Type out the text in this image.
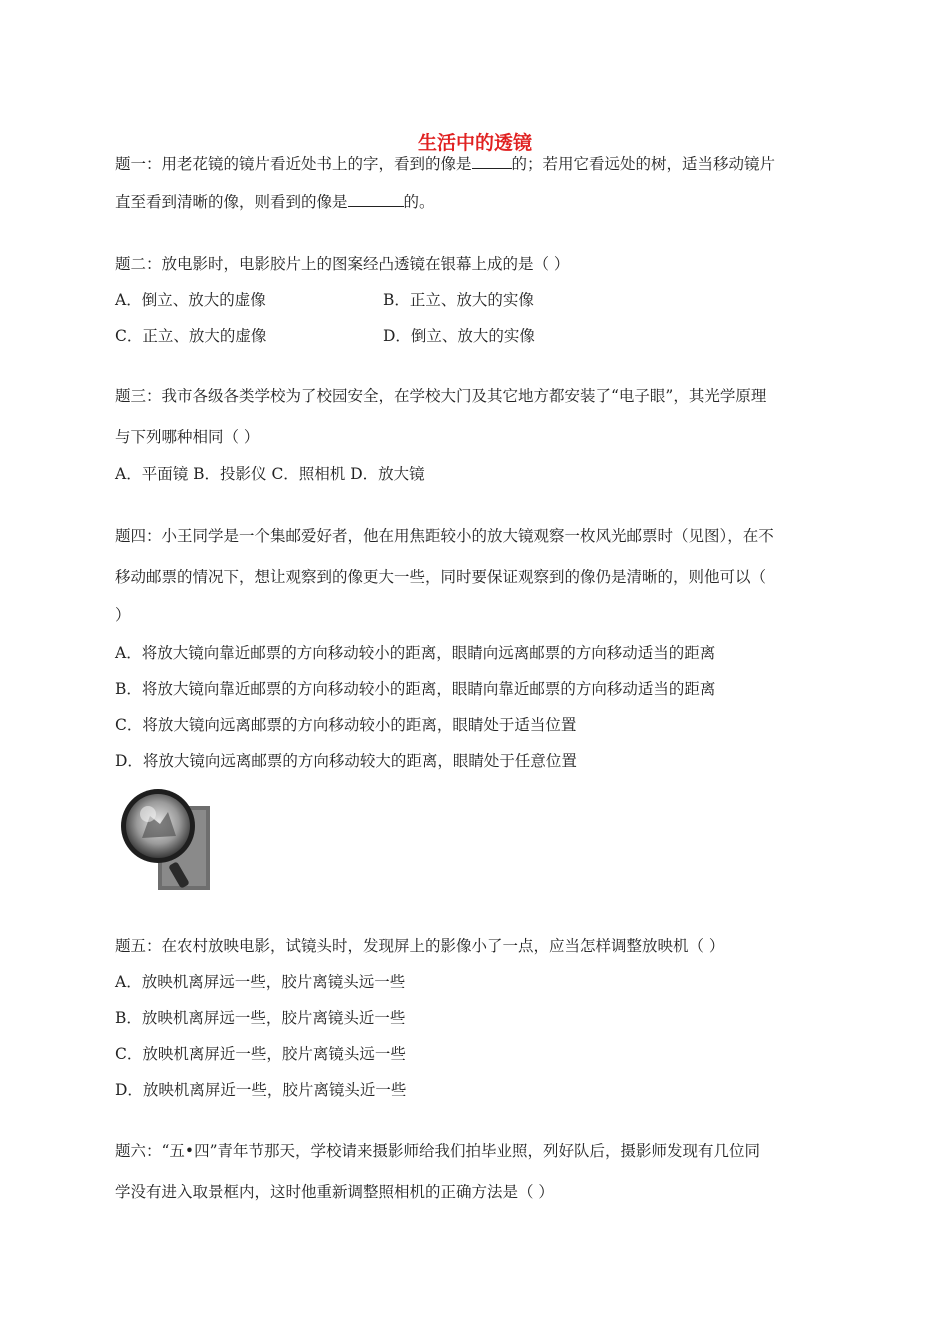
生活中的透镜
题一：用老花镜的镜片看近处书上的字，看到的像是	的；若用它看远处的树，适当移动镜片
直至看到清晰的像，则看到的像是	的。
题二：放电影时，电影胶片上的图案经凸透镜在银幕上成的是（ ）
A．倒立、放大的虚像	B．正立、放大的实像
C．正立、放大的虚像	D．倒立、放大的实像
题三：我市各级各类学校为了校园安全，在学校大门及其它地方都安装了“电子眼”，其光学原理
与下列哪种相同（ ）
A．平面镜 B．投影仪 C．照相机 D．放大镜
题四：小王同学是一个集邮爱好者，他在用焦距较小的放大镜观察一枚风光邮票时（见图），在不
移动邮票的情况下，想让观察到的像更大一些，同时要保证观察到的像仍是清晰的，则他可以（
）
A．将放大镜向靠近邮票的方向移动较小的距离，眼睛向远离邮票的方向移动适当的距离
B．将放大镜向靠近邮票的方向移动较小的距离，眼睛向靠近邮票的方向移动适当的距离
C．将放大镜向远离邮票的方向移动较小的距离，眼睛处于适当位置
D．将放大镜向远离邮票的方向移动较大的距离，眼睛处于任意位置
题五：在农村放映电影，试镜头时，发现屏上的影像小了一点，应当怎样调整放映机（ ）
A．放映机离屏远一些，胶片离镜头远一些
B．放映机离屏远一些，胶片离镜头近一些
C．放映机离屏近一些，胶片离镜头远一些
D．放映机离屏近一些，胶片离镜头近一些
题六：“五•四”青年节那天，学校请来摄影师给我们拍毕业照，列好队后，摄影师发现有几位同
学没有进入取景框内，这时他重新调整照相机的正确方法是（ ）
